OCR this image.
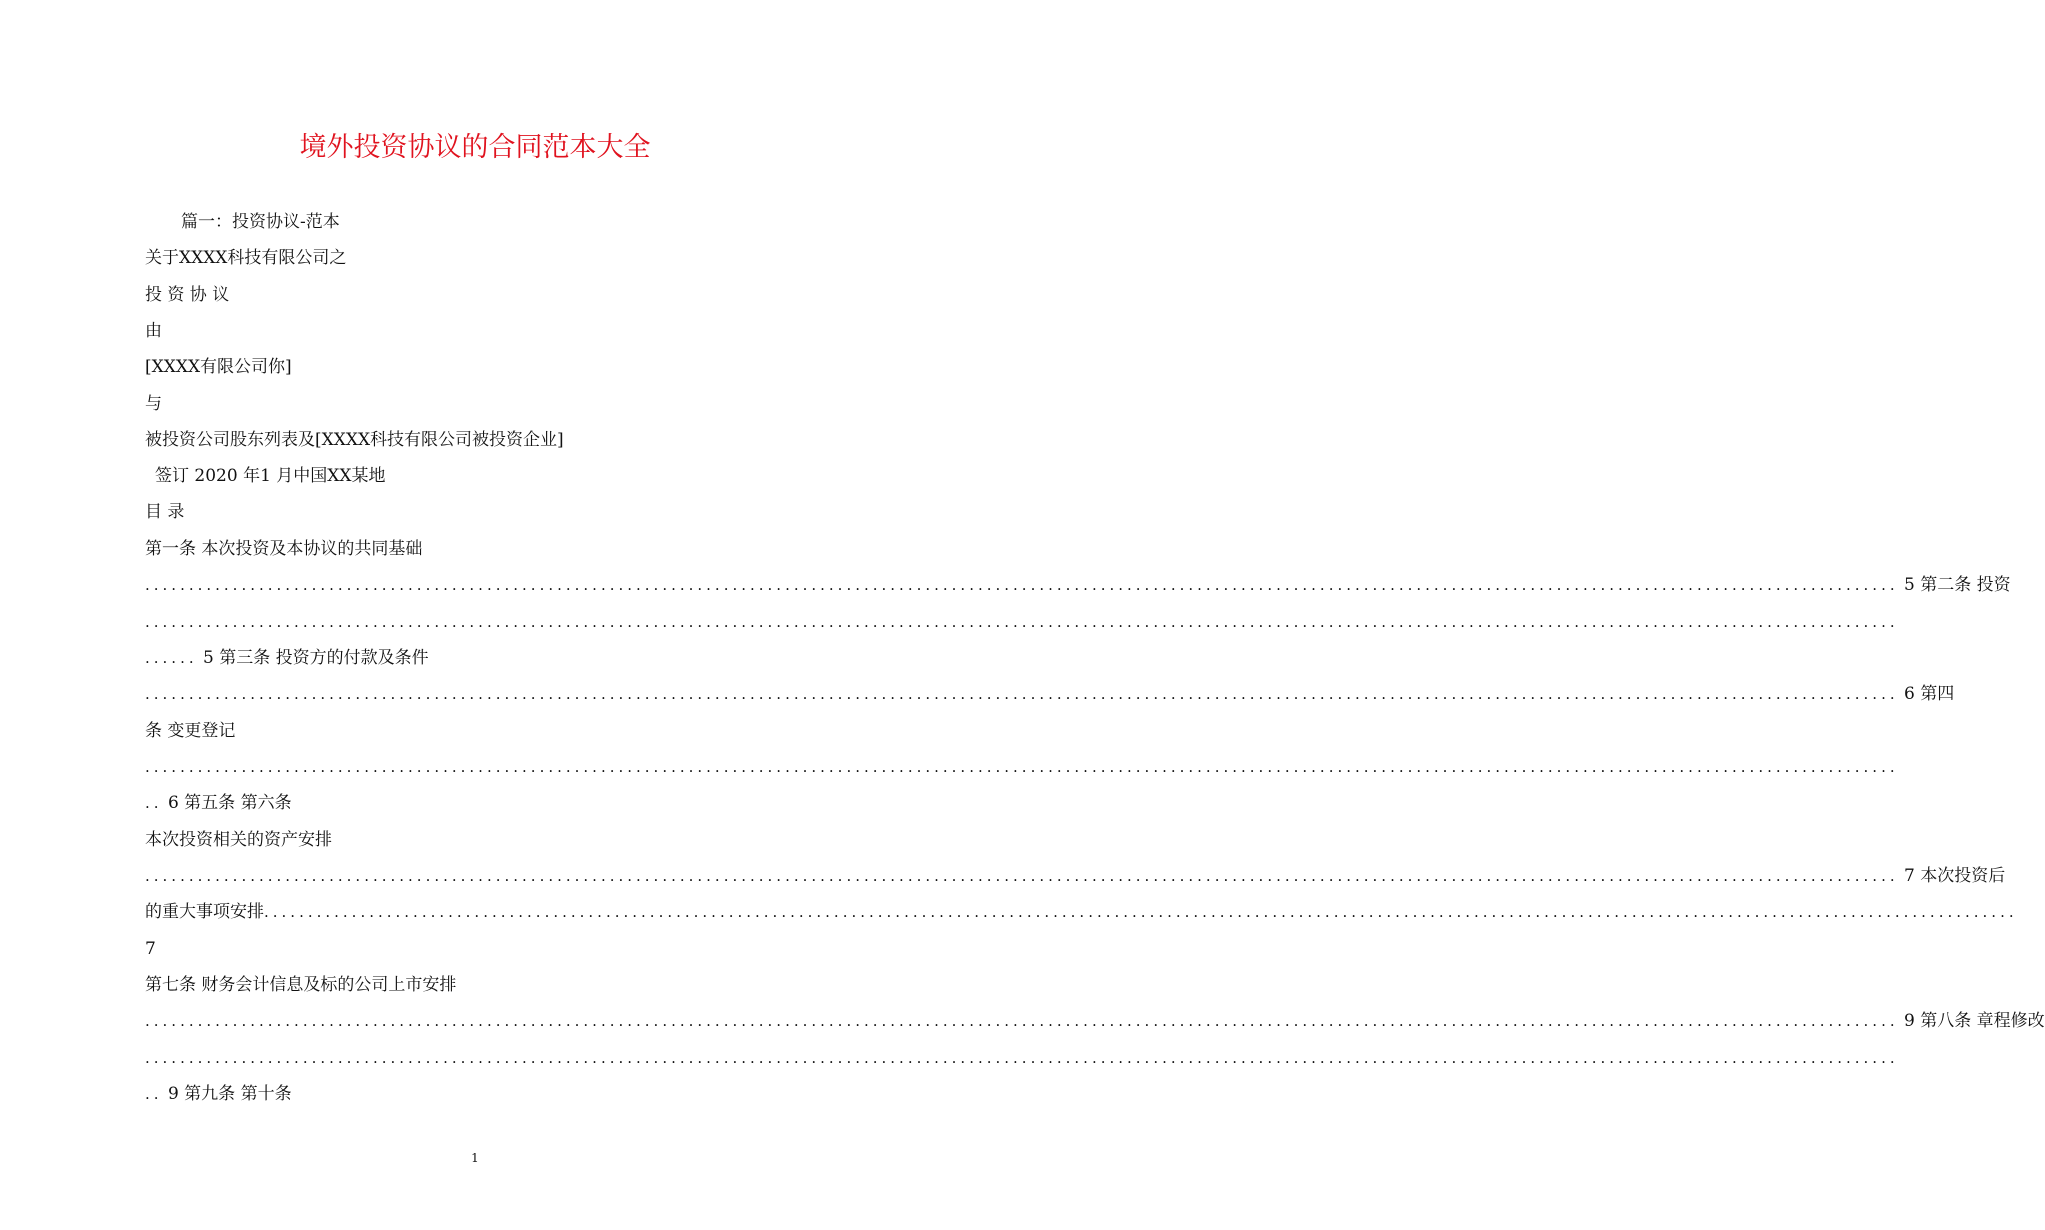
境外投资协议的合同范本大全
篇一：投资协议-范本
关于XXXX科技有限公司之
投 资 协 议
由
[XXXX有限公司你]
与
被投资公司股东列表及[XXXX科技有限公司被投资企业]
签订 2020 年1 月中国XX某地
目 录
第一条 本次投资及本协议的共同基础
........................................................................................................................................................................................................ 5 第二条 投资
........................................................................................................................................................................................................
...... 5 第三条 投资方的付款及条件
........................................................................................................................................................................................................ 6 第四
条 变更登记
........................................................................................................................................................................................................
.. 6 第五条 第六条
本次投资相关的资产安排
........................................................................................................................................................................................................ 7 本次投资后
的重大事项安排 ........................................................................................................................................................................................................
7
第七条 财务会计信息及标的公司上市安排
........................................................................................................................................................................................................ 9 第八条 章程修改
........................................................................................................................................................................................................
.. 9 第九条 第十条
1
